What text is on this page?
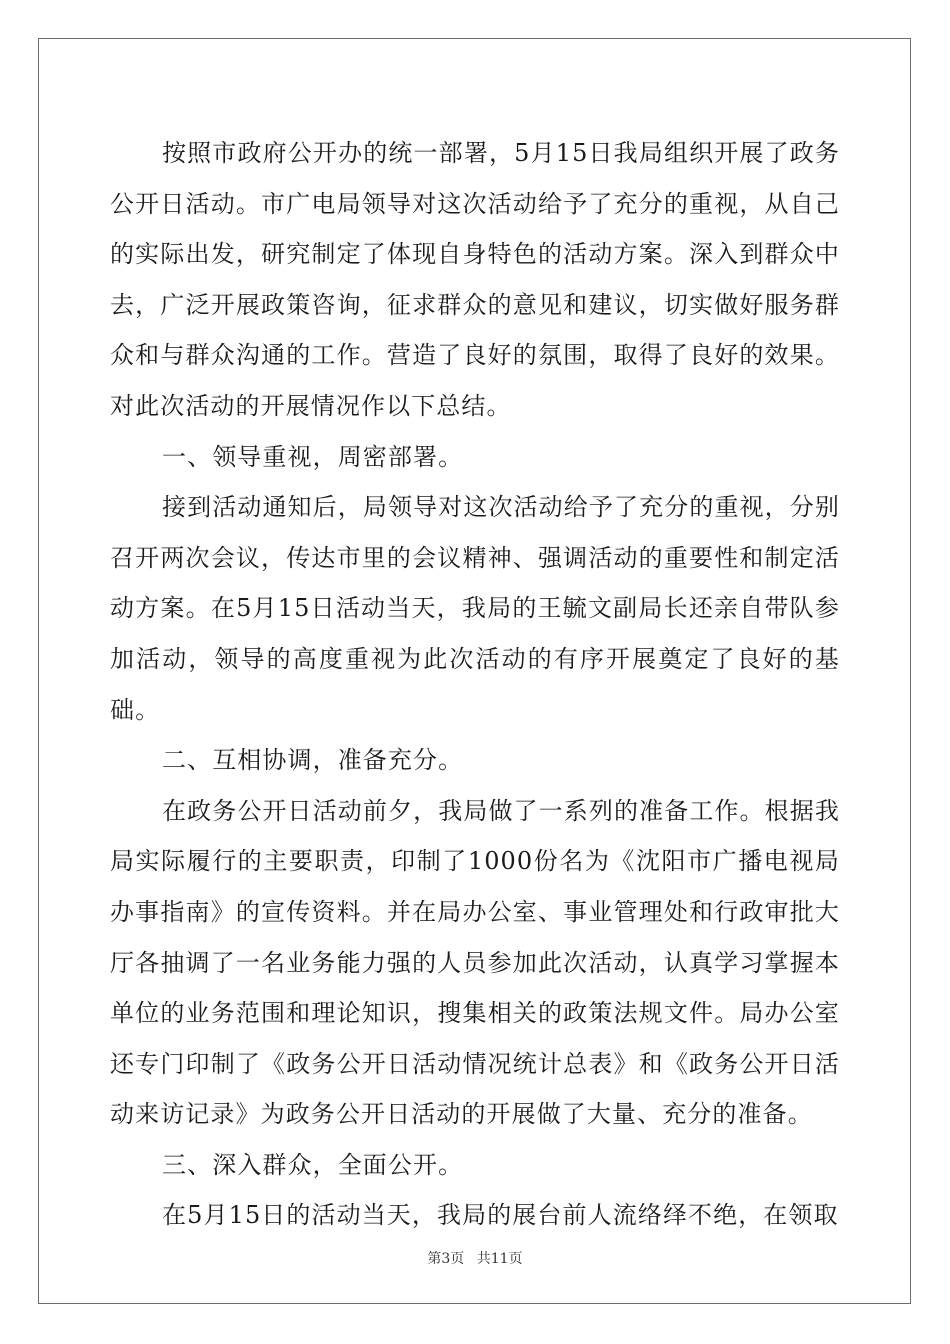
按照市政府公开办的统一部署，5月15日我局组织开展了政务公开日活动。市广电局领导对这次活动给予了充分的重视，从自己的实际出发，研究制定了体现自身特色的活动方案。深入到群众中去，广泛开展政策咨询，征求群众的意见和建议，切实做好服务群众和与群众沟通的工作。营造了良好的氛围，取得了良好的效果。对此次活动的开展情况作以下总结。

一、领导重视，周密部署。

接到活动通知后，局领导对这次活动给予了充分的重视，分别召开两次会议，传达市里的会议精神、强调活动的重要性和制定活动方案。在5月15日活动当天，我局的王毓文副局长还亲自带队参加活动，领导的高度重视为此次活动的有序开展奠定了良好的基础。

二、互相协调，准备充分。

在政务公开日活动前夕，我局做了一系列的准备工作。根据我局实际履行的主要职责，印制了1000份名为《沈阳市广播电视局办事指南》的宣传资料。并在局办公室、事业管理处和行政审批大厅各抽调了一名业务能力强的人员参加此次活动，认真学习掌握本单位的业务范围和理论知识，搜集相关的政策法规文件。局办公室还专门印制了《政务公开日活动情况统计总表》和《政务公开日活动来访记录》为政务公开日活动的开展做了大量、充分的准备。

三、深入群众，全面公开。

在5月15日的活动当天，我局的展台前人流络绎不绝，在领取

第3页 共11页
